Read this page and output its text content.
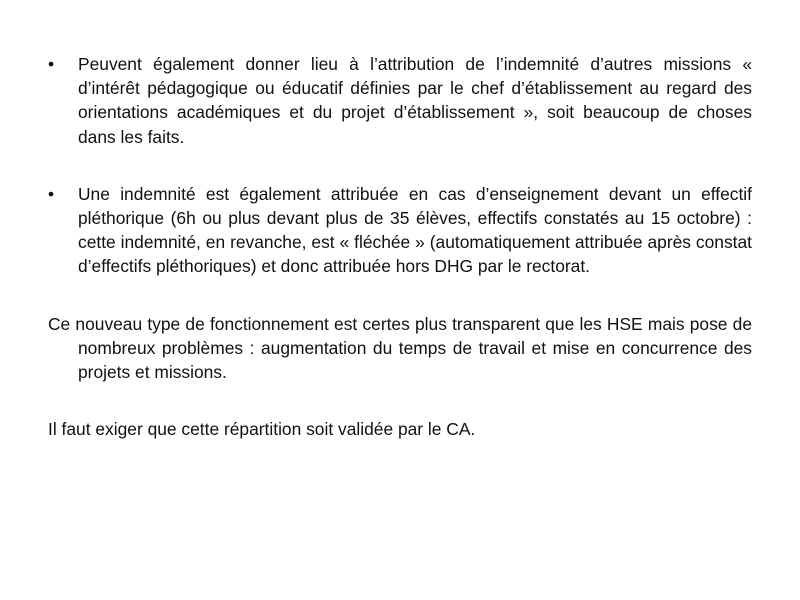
•	Peuvent également donner lieu à l’attribution de l’indemnité d’autres missions « d’intérêt pédagogique ou éducatif définies par le chef d’établissement au regard des orientations académiques et du projet d’établissement », soit beaucoup de choses dans les faits.
•	Une indemnité est également attribuée en cas d’enseignement devant un effectif pléthorique (6h ou plus devant plus de 35 élèves, effectifs constatés au 15 octobre) : cette indemnité, en revanche, est « fléchée » (automatiquement attribuée après constat d’effectifs pléthoriques) et donc attribuée hors DHG par le rectorat.
Ce nouveau type de fonctionnement est certes plus transparent que les HSE mais pose de nombreux problèmes : augmentation du temps de travail et mise en concurrence des projets et missions.
Il faut exiger que cette répartition soit validée par le CA.
